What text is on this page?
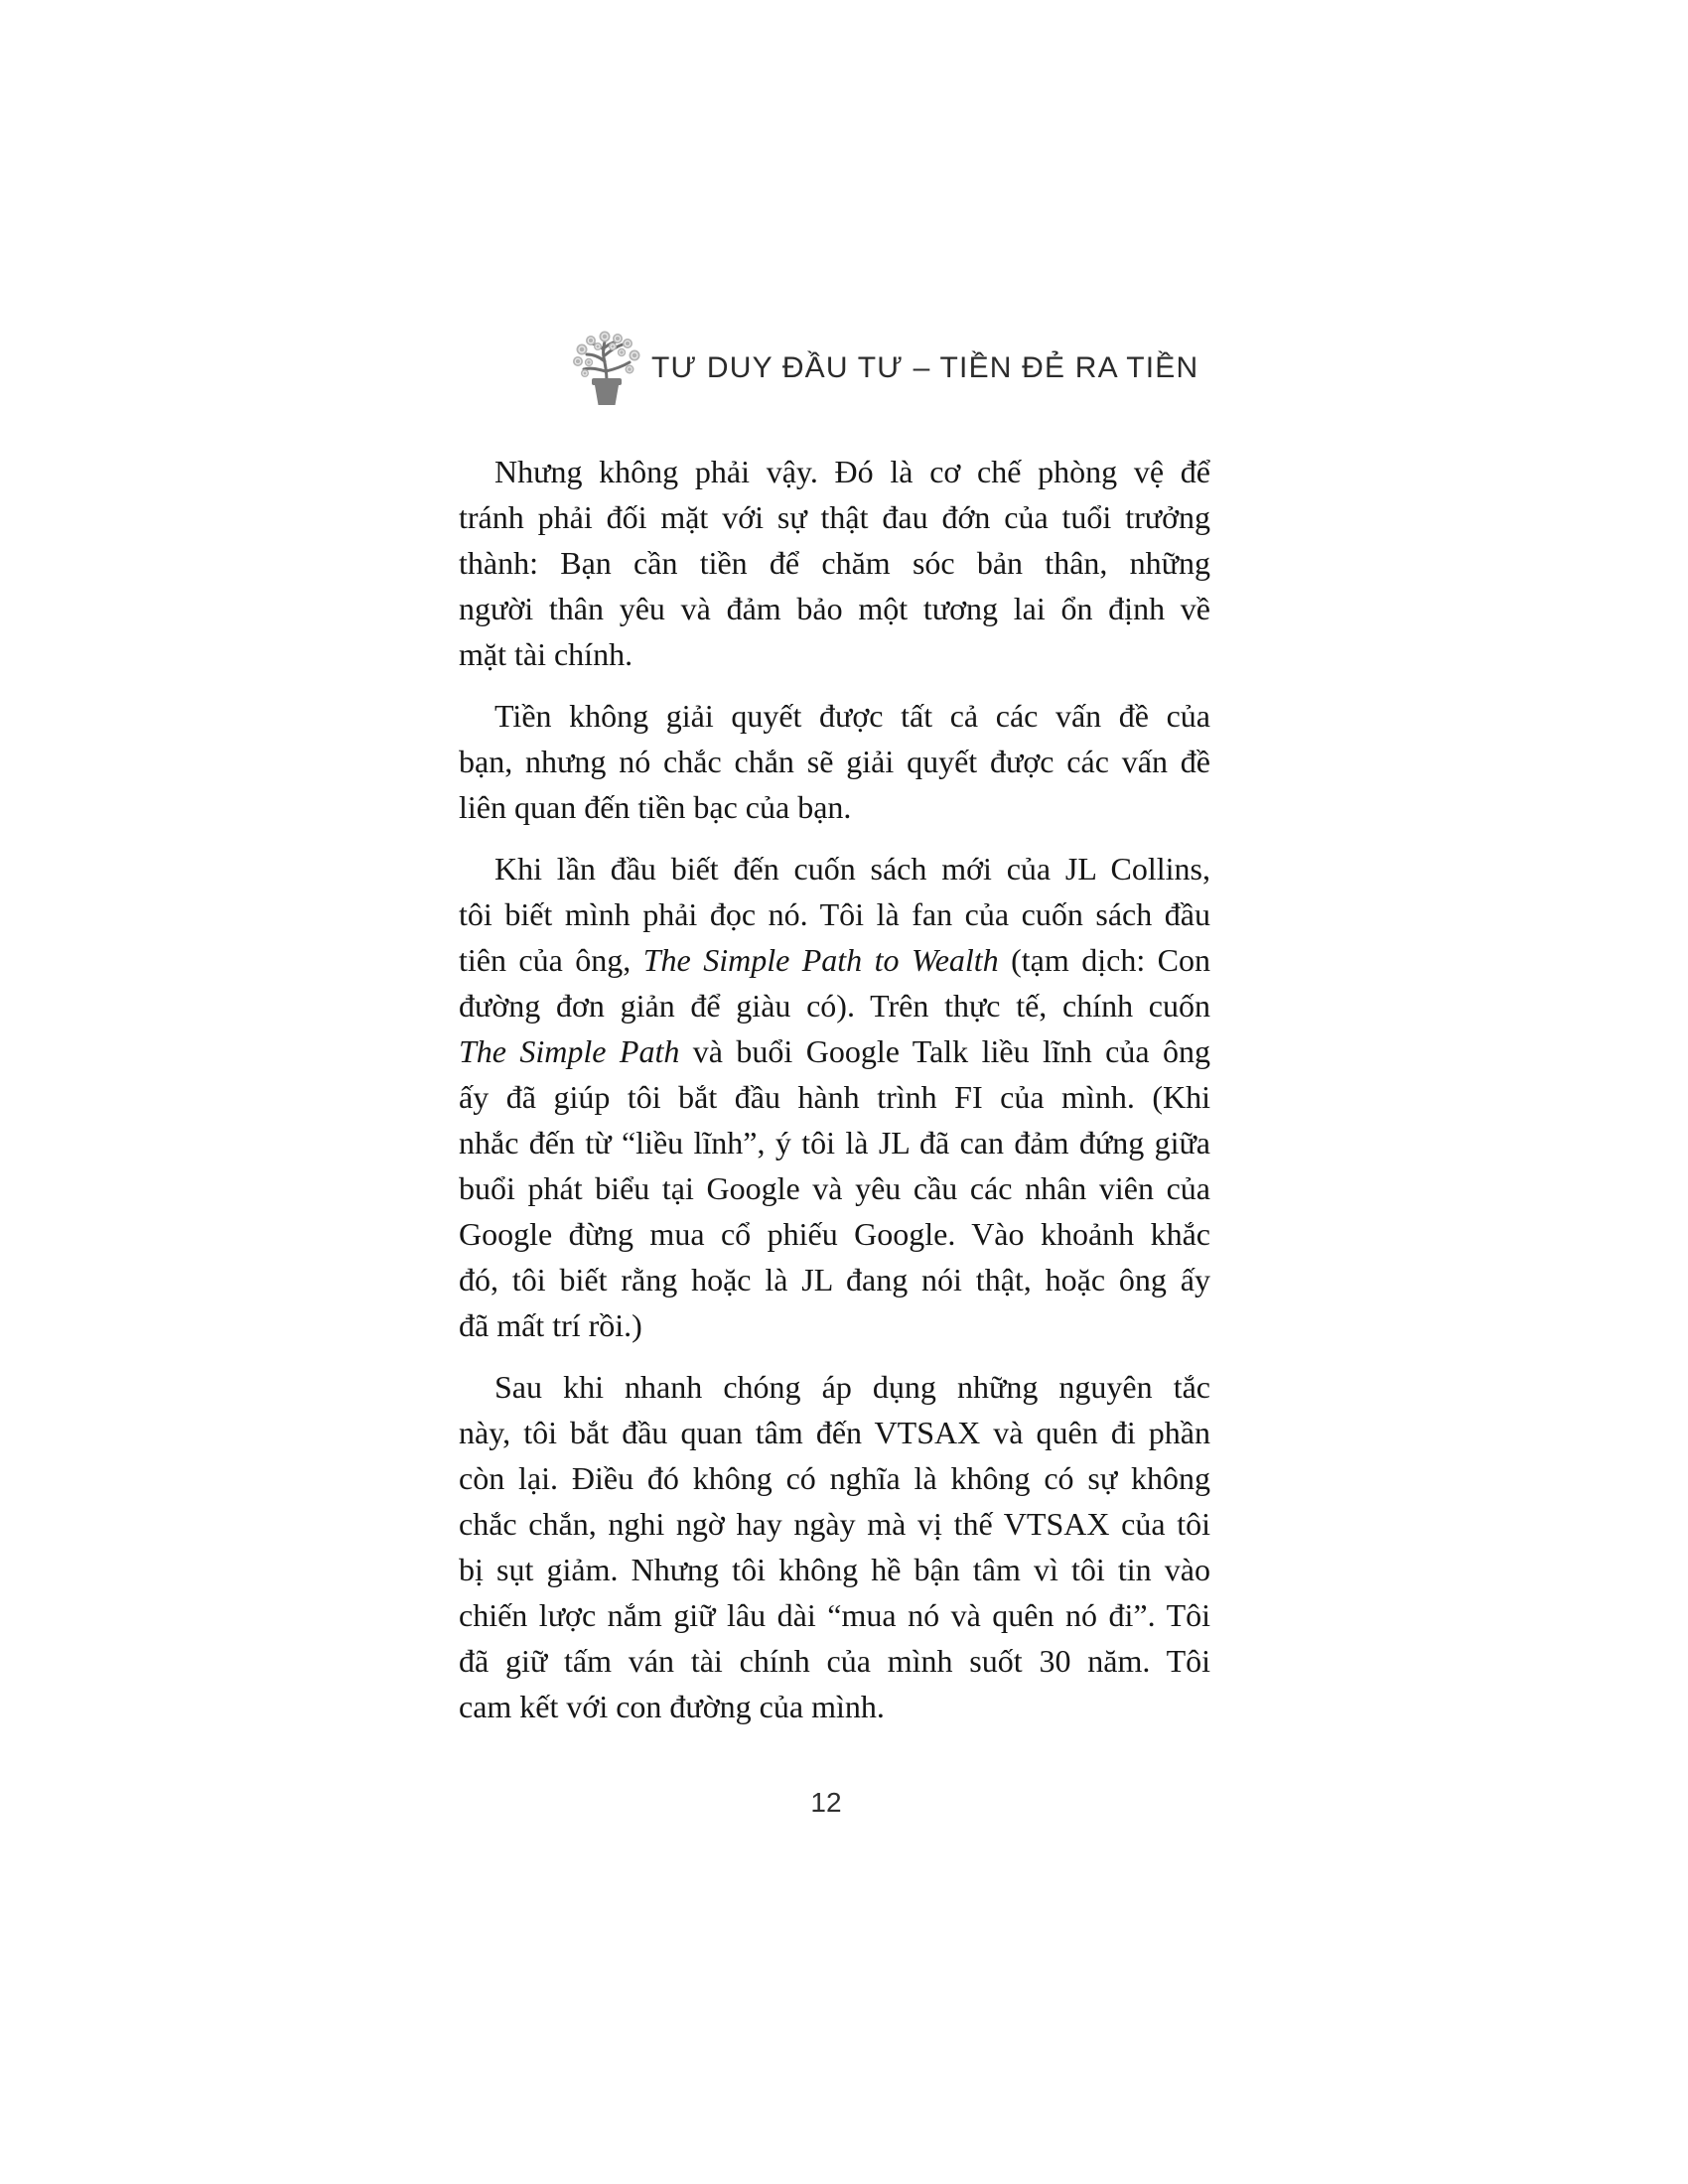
TƯ DUY ĐẦU TƯ – TIỀN ĐẺ RA TIỀN
Nhưng không phải vậy. Đó là cơ chế phòng vệ để
tránh phải đối mặt với sự thật đau đớn của tuổi trưởng
thành: Bạn cần tiền để chăm sóc bản thân, những
người thân yêu và đảm bảo một tương lai ổn định về
mặt tài chính.
Tiền không giải quyết được tất cả các vấn đề của
bạn, nhưng nó chắc chắn sẽ giải quyết được các vấn đề
liên quan đến tiền bạc của bạn.
Khi lần đầu biết đến cuốn sách mới của JL Collins,
tôi biết mình phải đọc nó. Tôi là fan của cuốn sách đầu
tiên của ông, The Simple Path to Wealth (tạm dịch: Con
đường đơn giản để giàu có). Trên thực tế, chính cuốn
The Simple Path và buổi Google Talk liều lĩnh của ông
ấy đã giúp tôi bắt đầu hành trình FI của mình. (Khi
nhắc đến từ “liều lĩnh”, ý tôi là JL đã can đảm đứng giữa
buổi phát biểu tại Google và yêu cầu các nhân viên của
Google đừng mua cổ phiếu Google. Vào khoảnh khắc
đó, tôi biết rằng hoặc là JL đang nói thật, hoặc ông ấy
đã mất trí rồi.)
Sau khi nhanh chóng áp dụng những nguyên tắc
này, tôi bắt đầu quan tâm đến VTSAX và quên đi phần
còn lại. Điều đó không có nghĩa là không có sự không
chắc chắn, nghi ngờ hay ngày mà vị thế VTSAX của tôi
bị sụt giảm. Nhưng tôi không hề bận tâm vì tôi tin vào
chiến lược nắm giữ lâu dài “mua nó và quên nó đi”. Tôi
đã giữ tấm ván tài chính của mình suốt 30 năm. Tôi
cam kết với con đường của mình.
12
